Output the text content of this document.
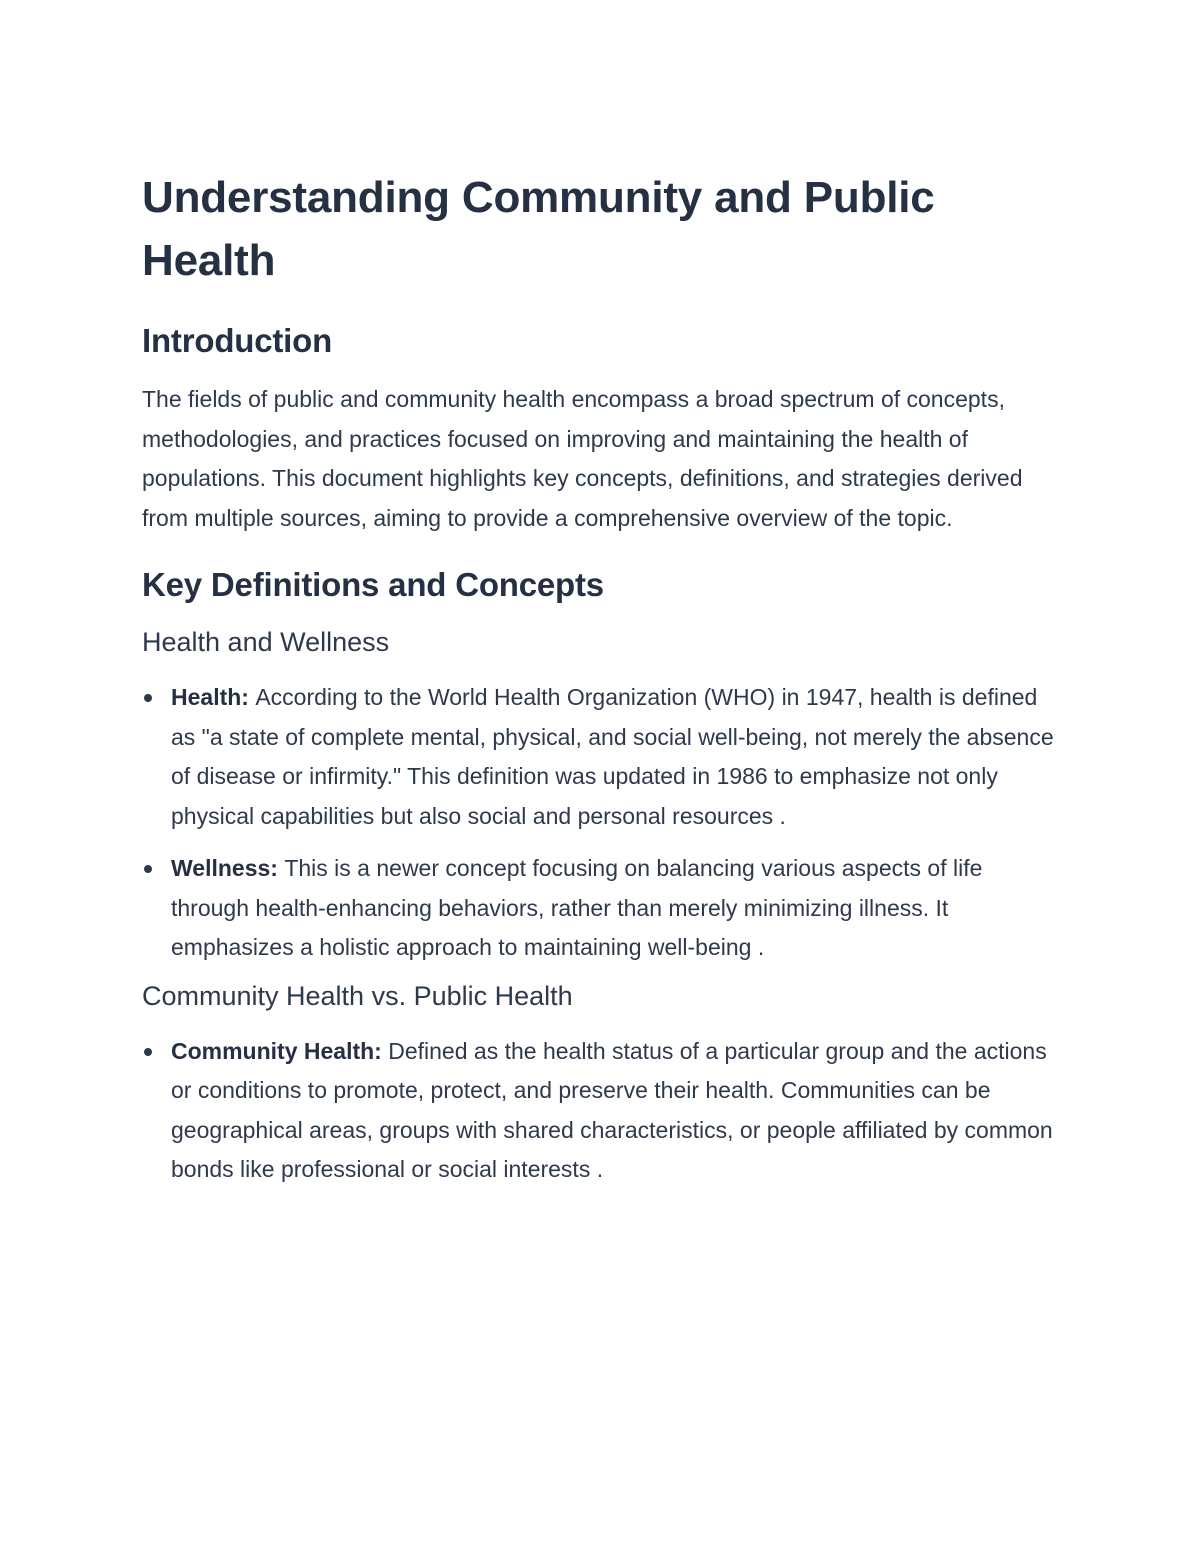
Understanding Community and Public Health
Introduction

The fields of public and community health encompass a broad spectrum of concepts, methodologies, and practices focused on improving and maintaining the health of populations. This document highlights key concepts, definitions, and strategies derived from multiple sources, aiming to provide a comprehensive overview of the topic.

Key Definitions and Concepts
Health and Wellness
Health: According to the World Health Organization (WHO) in 1947, health is defined as "a state of complete mental, physical, and social well-being, not merely the absence of disease or infirmity." This definition was updated in 1986 to emphasize not only physical capabilities but also social and personal resources .
Wellness: This is a newer concept focusing on balancing various aspects of life through health-enhancing behaviors, rather than merely minimizing illness. It emphasizes a holistic approach to maintaining well-being .
Community Health vs. Public Health
Community Health: Defined as the health status of a particular group and the actions or conditions to promote, protect, and preserve their health. Communities can be geographical areas, groups with shared characteristics, or people affiliated by common bonds like professional or social interests .
